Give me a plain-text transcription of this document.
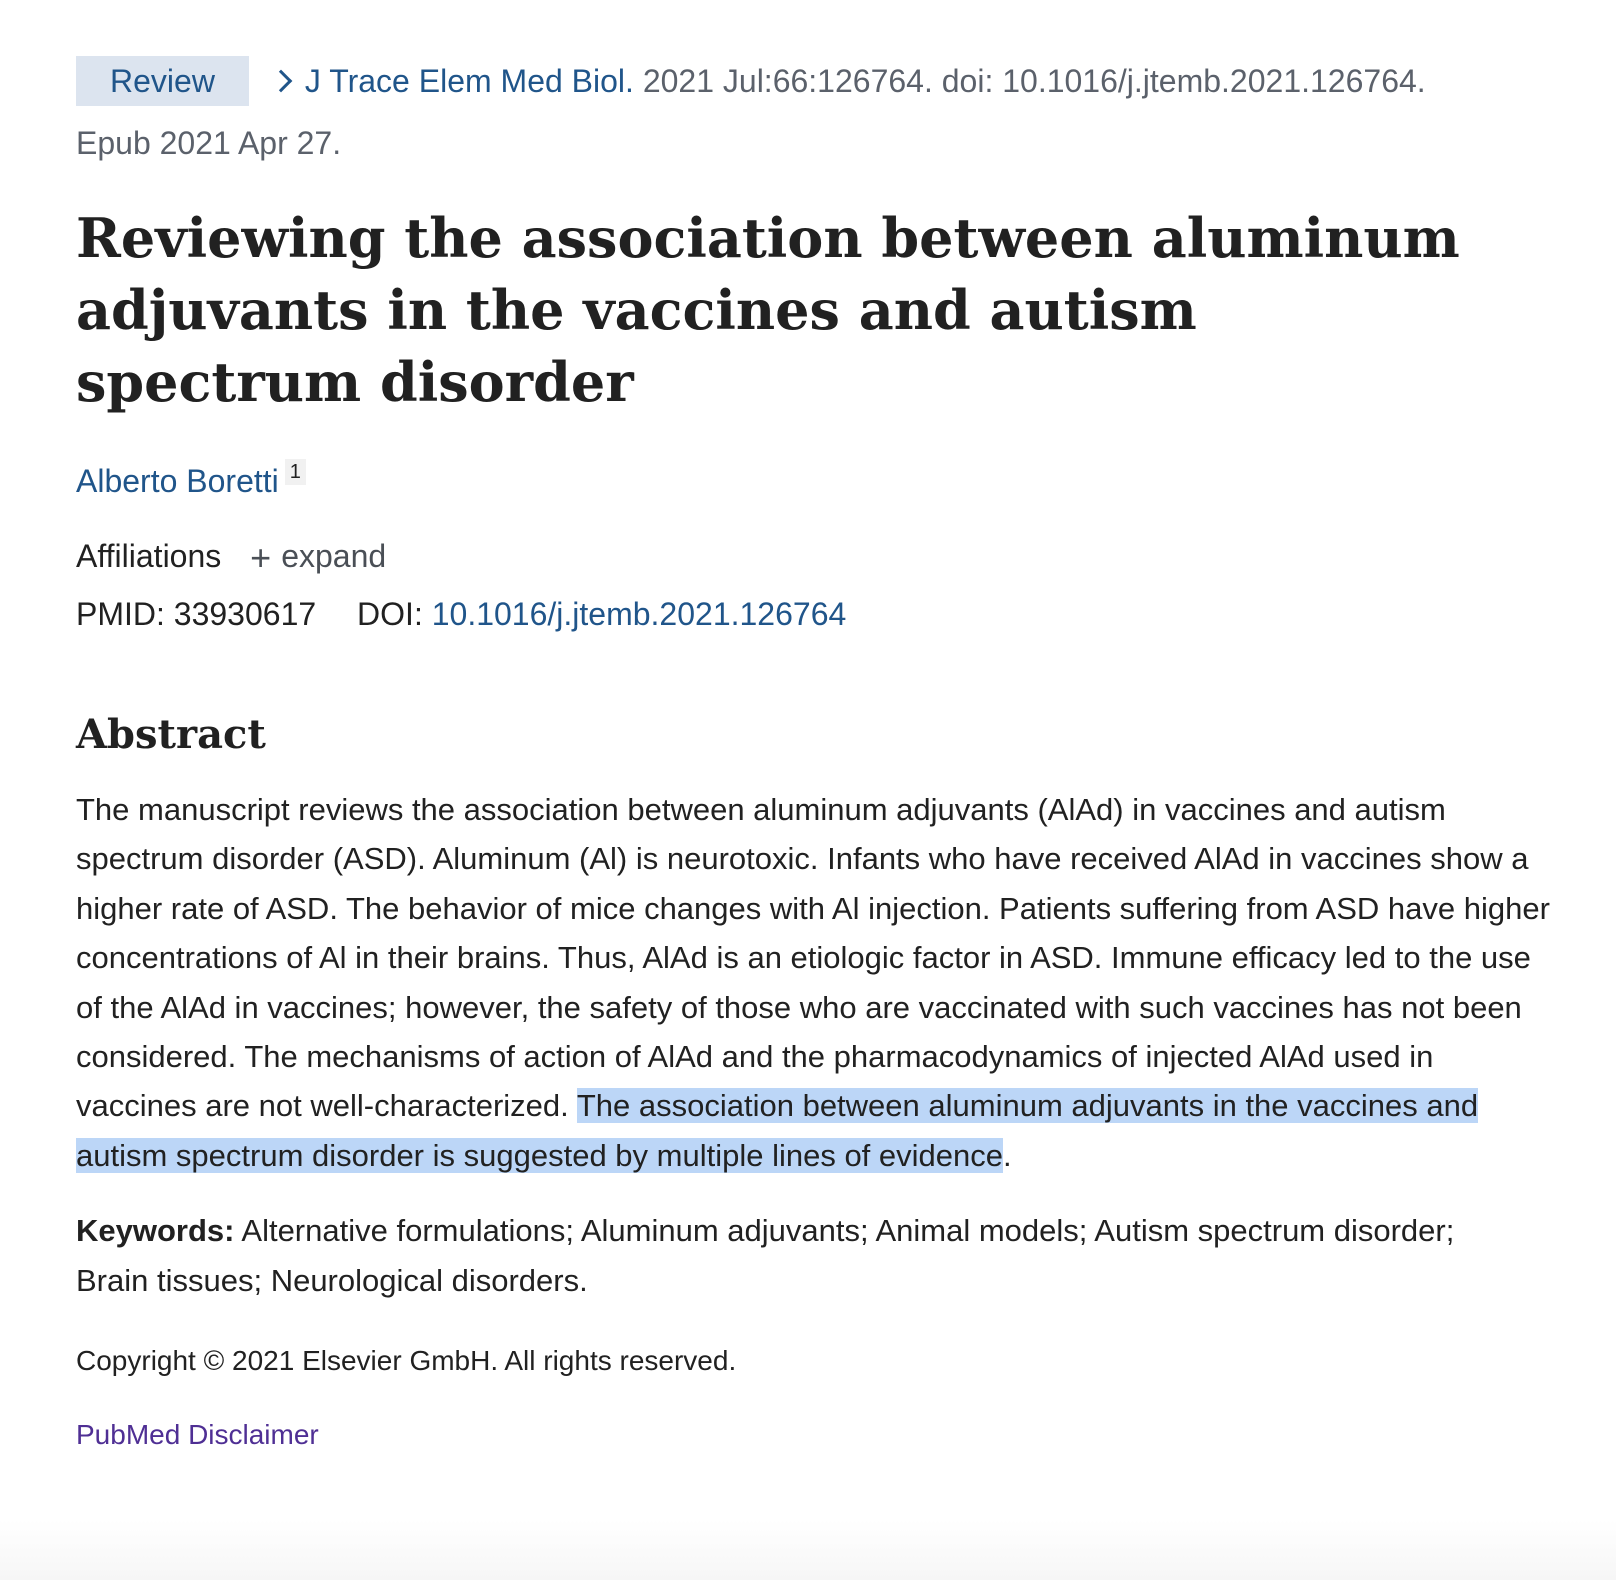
Review	J Trace Elem Med Biol. 2021 Jul:66:126764. doi: 10.1016/j.jtemb.2021.126764.
Epub 2021 Apr 27.
Reviewing the association between aluminum adjuvants in the vaccines and autism spectrum disorder
Alberto Boretti 1
Affiliations + expand
PMID: 33930617 DOI: 10.1016/j.jtemb.2021.126764
Abstract
The manuscript reviews the association between aluminum adjuvants (AlAd) in vaccines and autism spectrum disorder (ASD). Aluminum (Al) is neurotoxic. Infants who have received AlAd in vaccines show a higher rate of ASD. The behavior of mice changes with Al injection. Patients suffering from ASD have higher concentrations of Al in their brains. Thus, AlAd is an etiologic factor in ASD. Immune efficacy led to the use of the AlAd in vaccines; however, the safety of those who are vaccinated with such vaccines has not been considered. The mechanisms of action of AlAd and the pharmacodynamics of injected AlAd used in vaccines are not well-characterized. The association between aluminum adjuvants in the vaccines and autism spectrum disorder is suggested by multiple lines of evidence.
Keywords: Alternative formulations; Aluminum adjuvants; Animal models; Autism spectrum disorder; Brain tissues; Neurological disorders.
Copyright © 2021 Elsevier GmbH. All rights reserved.
PubMed Disclaimer
